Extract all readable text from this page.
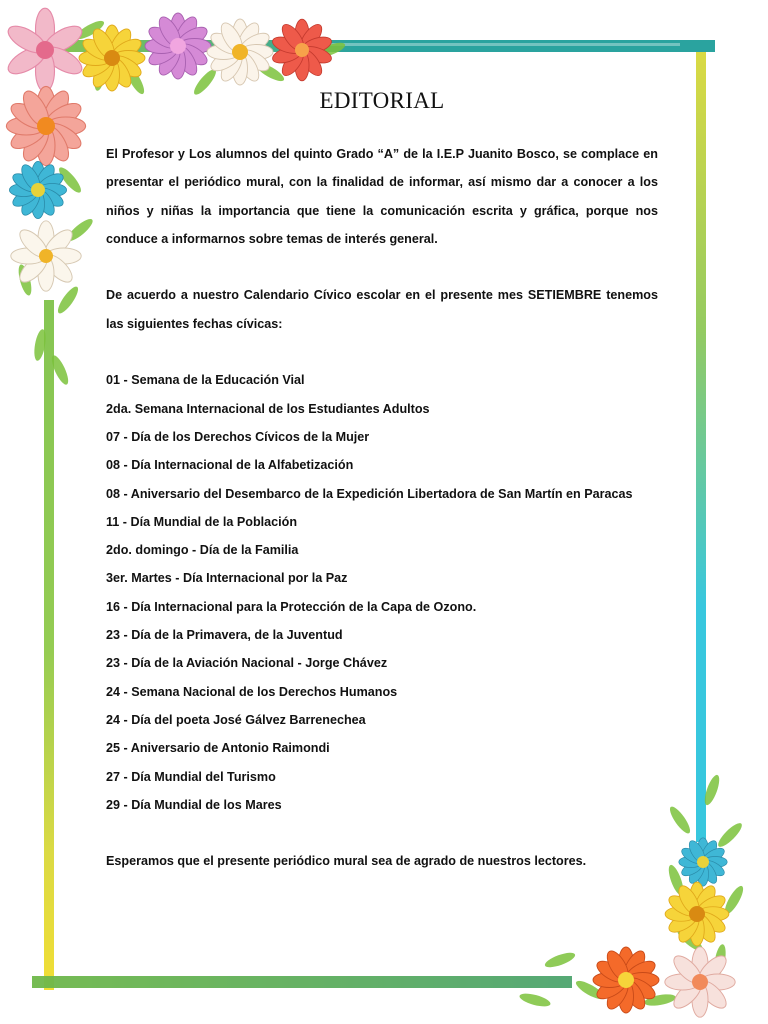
EDITORIAL

El Profesor y Los alumnos del quinto Grado “A” de la I.E.P Juanito Bosco, se complace en presentar el periódico mural, con la finalidad de informar, así mismo dar a conocer a los niños y niñas la importancia que tiene la comunicación escrita y gráfica, porque nos conduce a informarnos sobre temas de interés general.

De acuerdo a nuestro Calendario Cívico escolar en el presente mes SETIEMBRE tenemos las siguientes fechas cívicas:

01 - Semana de la Educación Vial
2da. Semana Internacional de los Estudiantes Adultos
07 - Día de los Derechos Cívicos de la Mujer
08 - Día Internacional de la Alfabetización
08 - Aniversario del Desembarco de la Expedición Libertadora de San Martín en Paracas
11 - Día Mundial de la Población
2do. domingo - Día de la Familia
3er. Martes - Día Internacional por la Paz
16 - Día Internacional para la Protección de la Capa de Ozono.
23 - Día de la Primavera, de la Juventud
23 - Día de la Aviación Nacional - Jorge Chávez
24 - Semana Nacional de los Derechos Humanos
24 - Día del poeta José Gálvez Barrenechea
25 - Aniversario de Antonio Raimondi
27 - Día Mundial del Turismo
29 - Día Mundial de los Mares

Esperamos que el presente periódico mural sea de agrado de nuestros lectores.
